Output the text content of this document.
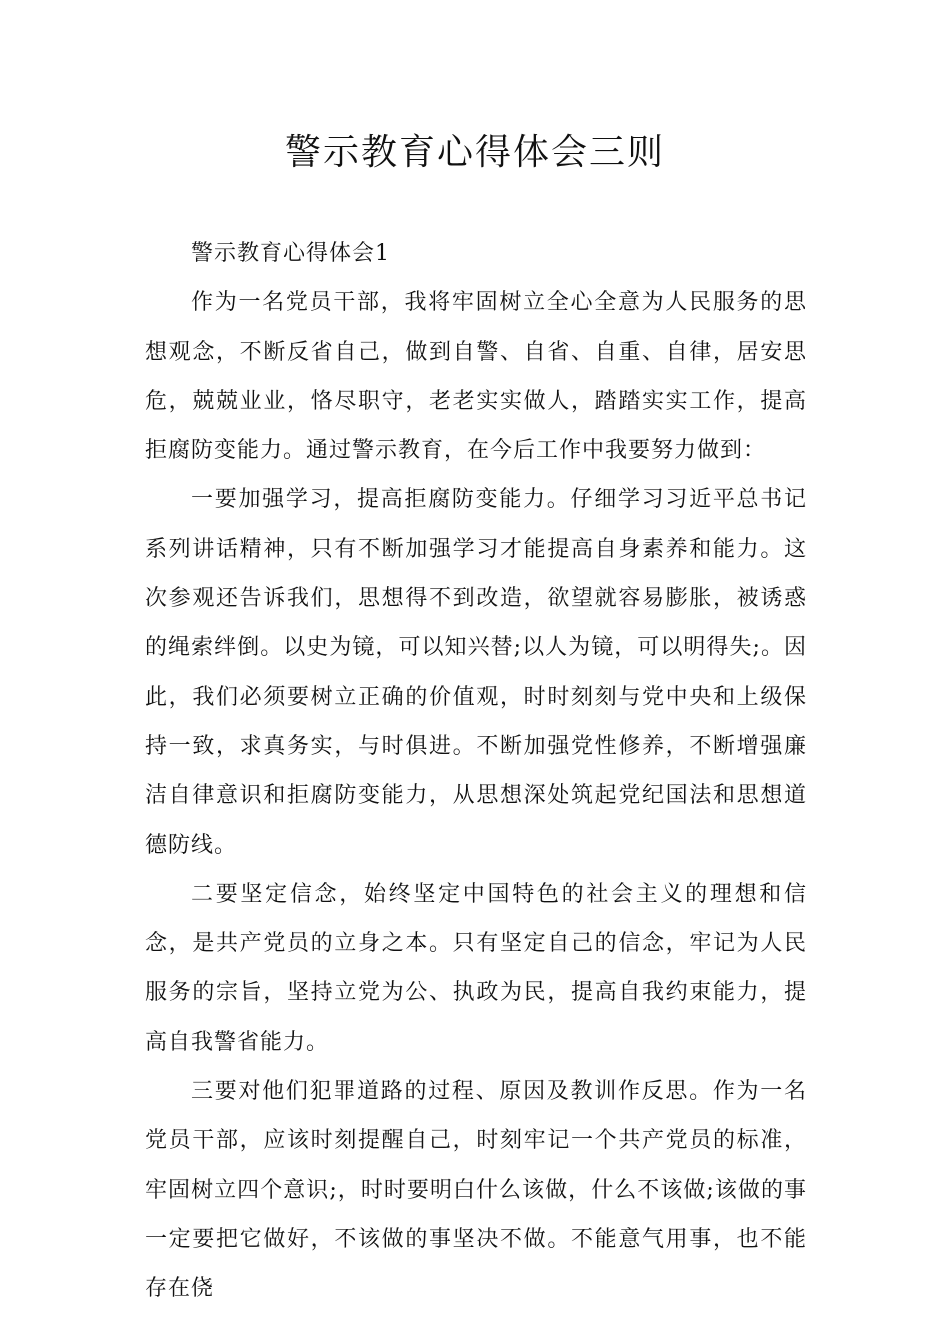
警示教育心得体会三则

警示教育心得体会1

作为一名党员干部，我将牢固树立全心全意为人民服务的思想观念，不断反省自己，做到自警、自省、自重、自律，居安思危，兢兢业业，恪尽职守，老老实实做人，踏踏实实工作，提高拒腐防变能力。通过警示教育，在今后工作中我要努力做到：

一要加强学习，提高拒腐防变能力。仔细学习习近平总书记系列讲话精神，只有不断加强学习才能提高自身素养和能力。这次参观还告诉我们，思想得不到改造，欲望就容易膨胀，被诱惑的绳索绊倒。以史为镜，可以知兴替;以人为镜，可以明得失;。因此，我们必须要树立正确的价值观，时时刻刻与党中央和上级保持一致，求真务实，与时俱进。不断加强党性修养，不断增强廉洁自律意识和拒腐防变能力，从思想深处筑起党纪国法和思想道德防线。

二要坚定信念，始终坚定中国特色的社会主义的理想和信念，是共产党员的立身之本。只有坚定自己的信念，牢记为人民服务的宗旨，坚持立党为公、执政为民，提高自我约束能力，提高自我警省能力。

三要对他们犯罪道路的过程、原因及教训作反思。作为一名党员干部，应该时刻提醒自己，时刻牢记一个共产党员的标准，牢固树立四个意识;，时时要明白什么该做，什么不该做;该做的事一定要把它做好，不该做的事坚决不做。不能意气用事，也不能存在侥
